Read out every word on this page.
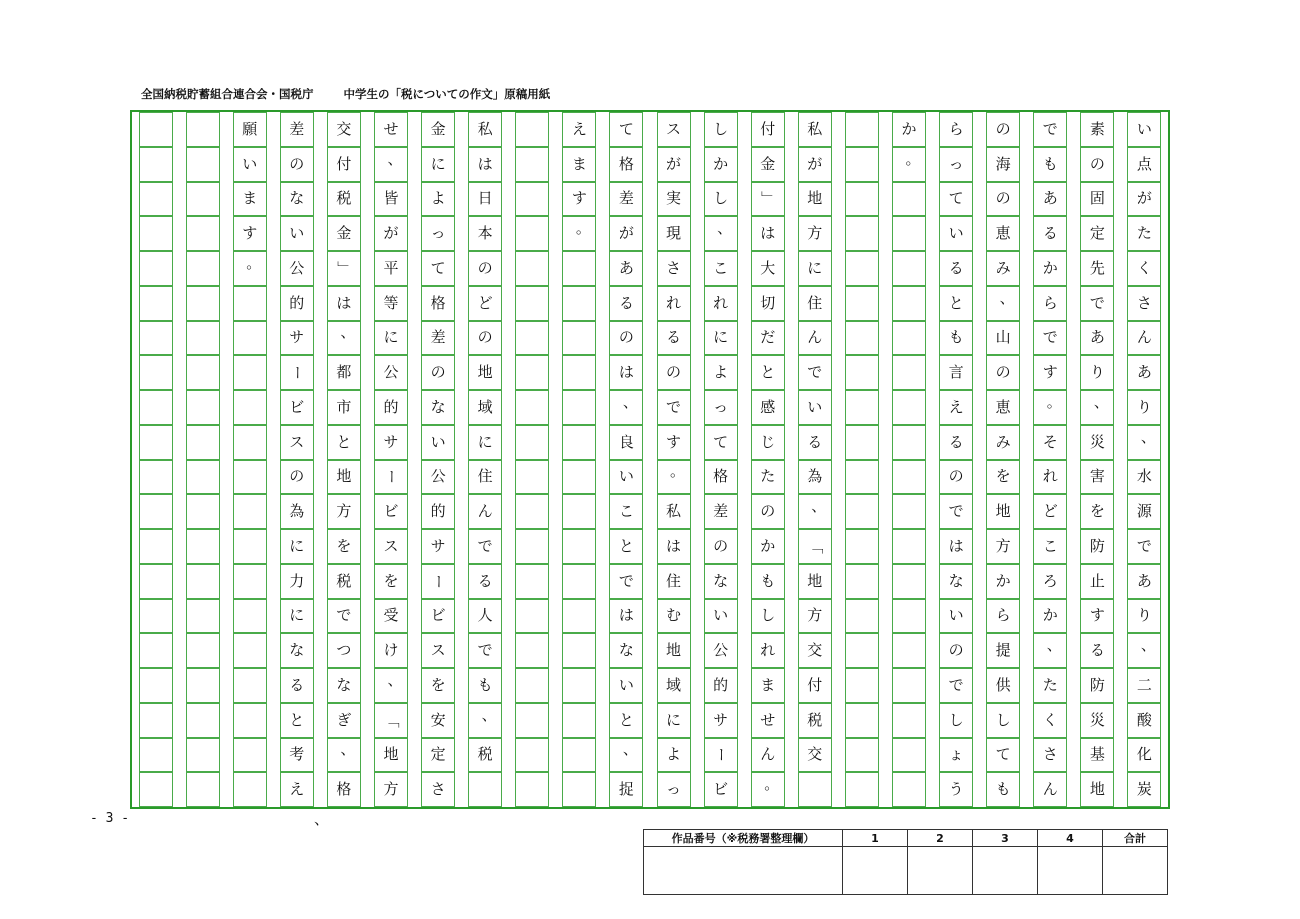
全国納税貯蓄組合連合会・国税庁	中学生の「税についての作文」原稿用紙
い
点
が
た
く
さ
ん
あ
り
、
水
源
で
あ
り
、
二
酸
化
炭
素
の
固
定
先
で
あ
り
、
災
害
を
防
止
す
る
防
災
基
地
で
も
あ
る
か
ら
で
す
。
そ
れ
ど
こ
ろ
か
、
た
く
さ
ん
の
海
の
恵
み
、
山
の
恵
み
を
地
方
か
ら
提
供
し
て
も
ら
っ
て
い
る
と
も
言
え
る
の
で
は
な
い
の
で
し
ょ
う
か
。
私
が
地
方
に
住
ん
で
い
る
為
、
「
地
方
交
付
税
交
付
金
」
は
大
切
だ
と
感
じ
た
の
か
も
し
れ
ま
せ
ん
。
し
か
し
、
こ
れ
に
よ
っ
て
格
差
の
な
い
公
的
サ
ー
ビ
ス
が
実
現
さ
れ
る
の
で
す
。
私
は
住
む
地
域
に
よ
っ
て
格
差
が
あ
る
の
は
、
良
い
こ
と
で
は
な
い
と
、
捉
え
ま
す
。
私
は
日
本
の
ど
の
地
域
に
住
ん
で
る
人
で
も
、
税
金
に
よ
っ
て
格
差
の
な
い
公
的
サ
ー
ビ
ス
を
安
定
さ
せ
、
皆
が
平
等
に
公
的
サ
ー
ビ
ス
を
受
け
、
「
地
方
交
付
税
金
」
は
、
都
市
と
地
方
を
税
で
つ
な
ぎ
、
格
差
の
な
い
公
的
サ
ー
ビ
ス
の
為
に
力
に
な
る
と
考
え
願
い
ま
す
。
- 3 -	、
作品番号（※税務署整理欄）	1	2	3	4	合計
